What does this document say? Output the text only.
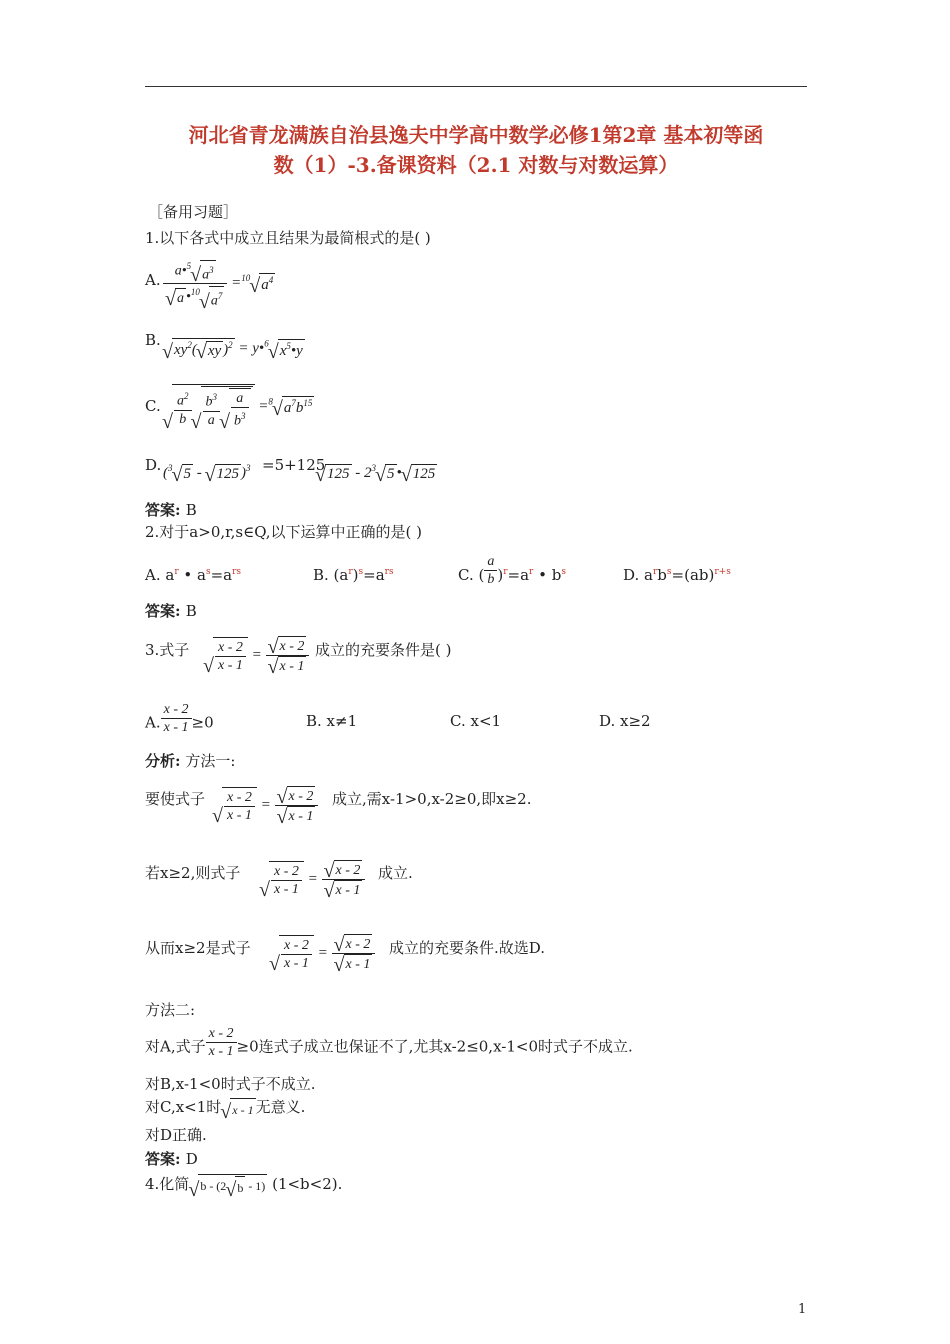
河北省青龙满族自治县逸夫中学高中数学必修1第2章 基本初等函
数（1）-3.备课资料（2.1 对数与对数运算）
［备用习题］
1.以下各式中成立且结果为最简根式的是( )
A. a•$^5$√ $a^3$
√ a •$^{10}$√ $a^7 =^{10}√$ $a^4$
B.
√ $xy^2(√$ xy )$^2$ = y•$^6$√ $x^5•y$
C.
√ $\frac{a^2}{b}$
√ $\frac{b^3}{a}$
√ $\frac{a}{b^3} =^8√$ $a^7b^{15}$
D. ($^3$√ 5 - √ 125 )$^3$ =5+125
√ $125 - 2^3√$ 5 •√ 125
答案: B
2.对于a>0,r,s∈Q,以下运算中正确的是( )
A. $a^r$ • $a^s=a^{rs}$	B. $(a^r)^s=a^{rs}$	C. ( $\frac{a}{b} )^r=a^r$ • $b^s$	D. $a^rb^s=(ab)^{r+s}$
答案: B
3.式子
√ $\frac{x - 2}{x - 1}$ =
√ x - 2
√ x - 1 成立的充要条件是( )
A. $\frac{x - 2}{x - 1} \ge 0$	B. x≠1	C. x<1	D. x≥2
分析: 方法一:
要使式子
√ $\frac{x - 2}{x - 1}$ =
√ x - 2
√ x - 1 成立,需x-1>0,x-2≥0,即x≥2.
若x≥2,则式子
√ $\frac{x - 2}{x - 1}$ =
√ x - 2
√ x - 1 成立.
从而x≥2是式子
√ $\frac{x - 2}{x - 1}$ =
√ x - 2
√ x - 1 成立的充要条件.故选D.
方法二:
对A,式子 $\frac{x - 2}{x - 1} \ge 0$连式子成立也保证不了,尤其x-2≤0,x-1<0时式子不成立.
对B,x-1<0时式子不成立.
对C,x<1时√ x - 1 无意义.
对D正确.
答案: D
4.化简√ b - (2√ b - 1) (1<b<2).
1
